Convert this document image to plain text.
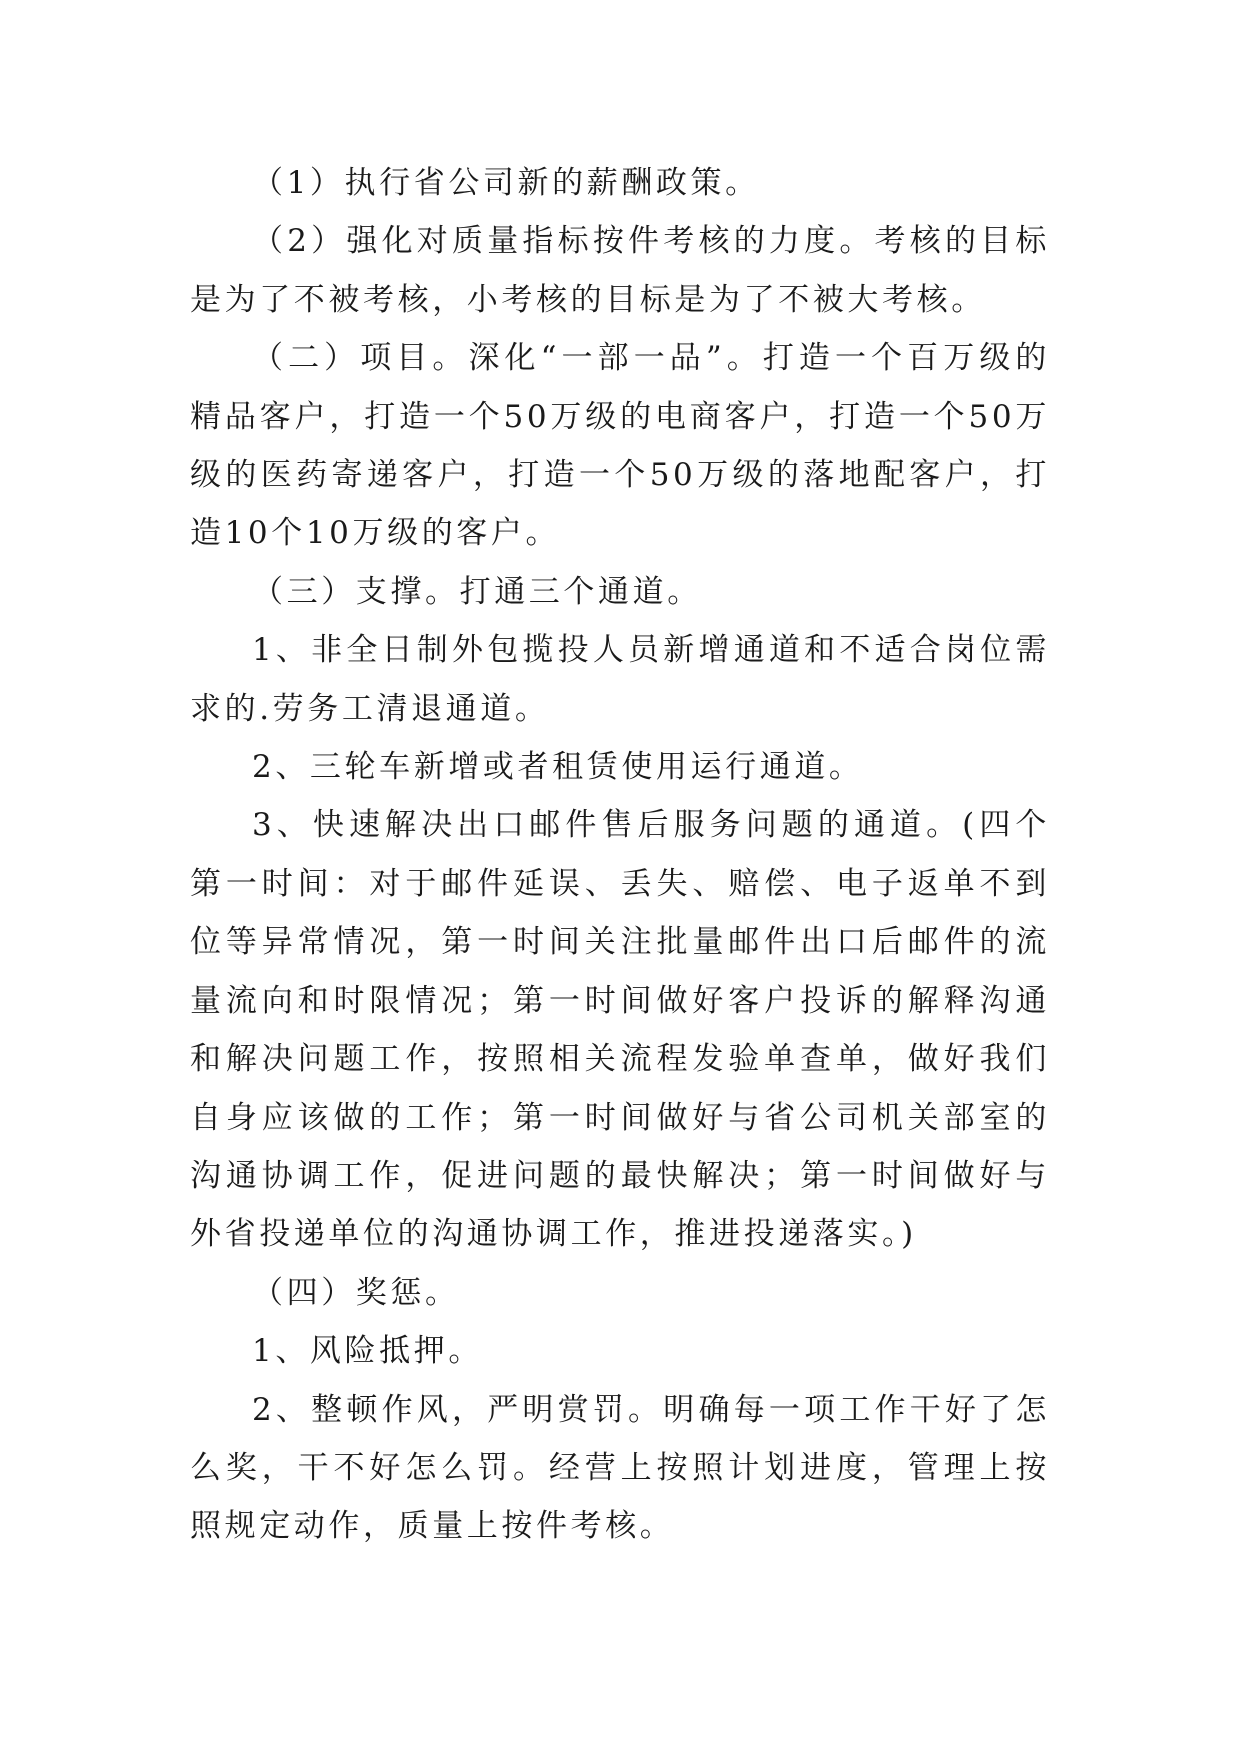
（1）执行省公司新的薪酬政策。

（2）强化对质量指标按件考核的力度。考核的目标是为了不被考核，小考核的目标是为了不被大考核。

（二）项目。深化“一部一品”。打造一个百万级的精品客户，打造一个50万级的电商客户，打造一个50万级的医药寄递客户，打造一个50万级的落地配客户，打造10个10万级的客户。

（三）支撑。打通三个通道。

1、非全日制外包揽投人员新增通道和不适合岗位需求的.劳务工清退通道。

2、三轮车新增或者租赁使用运行通道。

3、快速解决出口邮件售后服务问题的通道。(四个第一时间：对于邮件延误、丢失、赔偿、电子返单不到位等异常情况，第一时间关注批量邮件出口后邮件的流量流向和时限情况；第一时间做好客户投诉的解释沟通和解决问题工作，按照相关流程发验单查单，做好我们自身应该做的工作；第一时间做好与省公司机关部室的沟通协调工作，促进问题的最快解决；第一时间做好与外省投递单位的沟通协调工作，推进投递落实。)

（四）奖惩。

1、风险抵押。

2、整顿作风，严明赏罚。明确每一项工作干好了怎么奖，干不好怎么罚。经营上按照计划进度，管理上按照规定动作，质量上按件考核。
